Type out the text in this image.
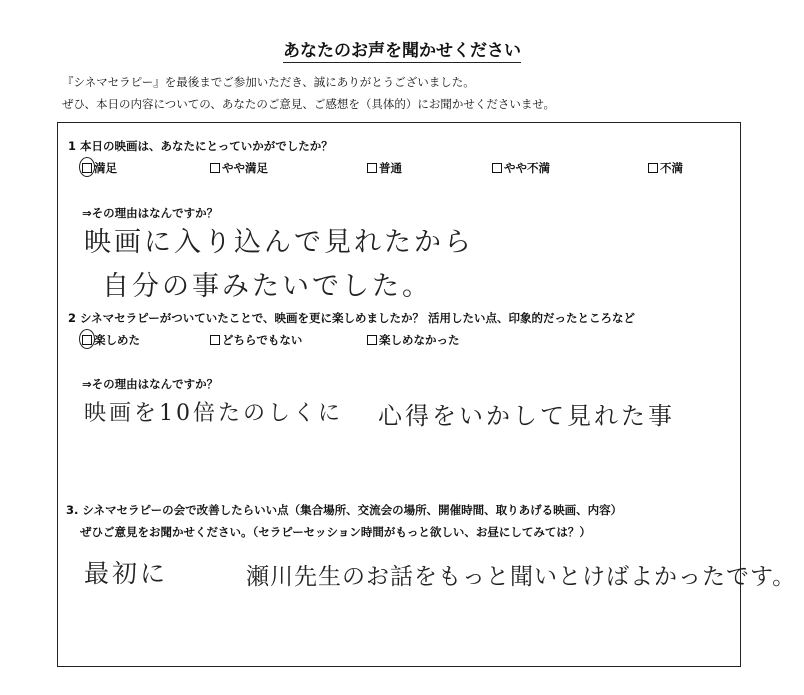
あなたのお声を聞かせください
『シネマセラピー』を最後までご参加いただき、誠にありがとうございました。
ぜひ、本日の内容についての、あなたのご意見、ご感想を（具体的）にお聞かせくださいませ。
1 本日の映画は、あなたにとっていかがでしたか？
満足	やや満足	普通	やや不満	不満
⇒その理由はなんですか？
映画に入り込んで見れたから
自分の事みたいでした。
2 シネマセラピーがついていたことで、映画を更に楽しめましたか？ 活用したい点、印象的だったところなど
楽しめた	どちらでもない	楽しめなかった
⇒その理由はなんですか？
映画を10倍たのしくに 心得をいかして見れた事
3. シネマセラピーの会で改善したらいい点（集合場所、交流会の場所、開催時間、取りあげる映画、内容）
ぜひご意見をお聞かせください。（セラピーセッション時間がもっと欲しい、お昼にしてみては？）
最初に	瀬川先生のお話をもっと聞いとけばよかったです。
